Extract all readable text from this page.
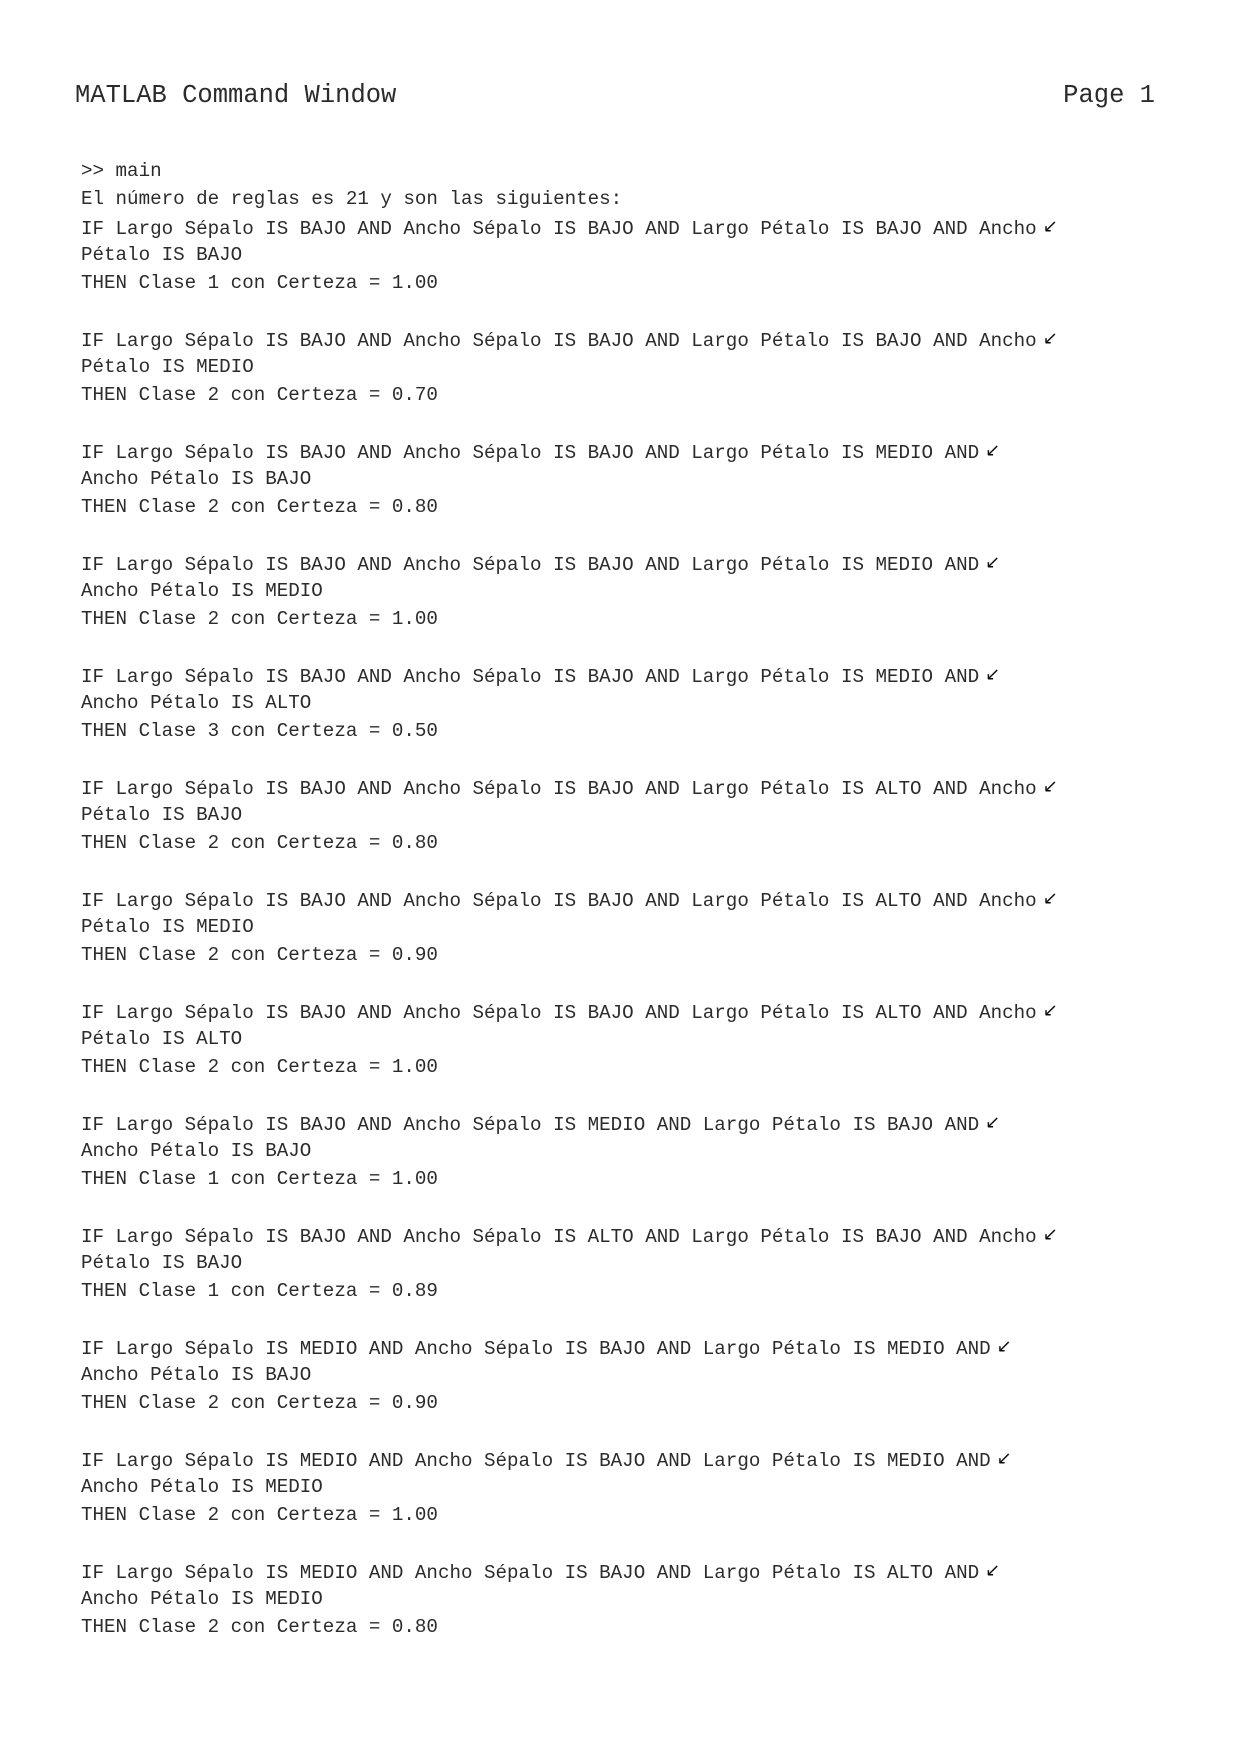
MATLAB Command Window	Page 1
>> main
El número de reglas es 21 y son las siguientes:
IF Largo Sépalo IS BAJO AND Ancho Sépalo IS BAJO AND Largo Pétalo IS BAJO AND Ancho ↙
Pétalo IS BAJO
THEN Clase 1 con Certeza = 1.00
IF Largo Sépalo IS BAJO AND Ancho Sépalo IS BAJO AND Largo Pétalo IS BAJO AND Ancho ↙
Pétalo IS MEDIO
THEN Clase 2 con Certeza = 0.70
IF Largo Sépalo IS BAJO AND Ancho Sépalo IS BAJO AND Largo Pétalo IS MEDIO AND ↙
Ancho Pétalo IS BAJO
THEN Clase 2 con Certeza = 0.80
IF Largo Sépalo IS BAJO AND Ancho Sépalo IS BAJO AND Largo Pétalo IS MEDIO AND ↙
Ancho Pétalo IS MEDIO
THEN Clase 2 con Certeza = 1.00
IF Largo Sépalo IS BAJO AND Ancho Sépalo IS BAJO AND Largo Pétalo IS MEDIO AND ↙
Ancho Pétalo IS ALTO
THEN Clase 3 con Certeza = 0.50
IF Largo Sépalo IS BAJO AND Ancho Sépalo IS BAJO AND Largo Pétalo IS ALTO AND Ancho ↙
Pétalo IS BAJO
THEN Clase 2 con Certeza = 0.80
IF Largo Sépalo IS BAJO AND Ancho Sépalo IS BAJO AND Largo Pétalo IS ALTO AND Ancho ↙
Pétalo IS MEDIO
THEN Clase 2 con Certeza = 0.90
IF Largo Sépalo IS BAJO AND Ancho Sépalo IS BAJO AND Largo Pétalo IS ALTO AND Ancho ↙
Pétalo IS ALTO
THEN Clase 2 con Certeza = 1.00
IF Largo Sépalo IS BAJO AND Ancho Sépalo IS MEDIO AND Largo Pétalo IS BAJO AND ↙
Ancho Pétalo IS BAJO
THEN Clase 1 con Certeza = 1.00
IF Largo Sépalo IS BAJO AND Ancho Sépalo IS ALTO AND Largo Pétalo IS BAJO AND Ancho ↙
Pétalo IS BAJO
THEN Clase 1 con Certeza = 0.89
IF Largo Sépalo IS MEDIO AND Ancho Sépalo IS BAJO AND Largo Pétalo IS MEDIO AND ↙
Ancho Pétalo IS BAJO
THEN Clase 2 con Certeza = 0.90
IF Largo Sépalo IS MEDIO AND Ancho Sépalo IS BAJO AND Largo Pétalo IS MEDIO AND ↙
Ancho Pétalo IS MEDIO
THEN Clase 2 con Certeza = 1.00
IF Largo Sépalo IS MEDIO AND Ancho Sépalo IS BAJO AND Largo Pétalo IS ALTO AND ↙
Ancho Pétalo IS MEDIO
THEN Clase 2 con Certeza = 0.80
